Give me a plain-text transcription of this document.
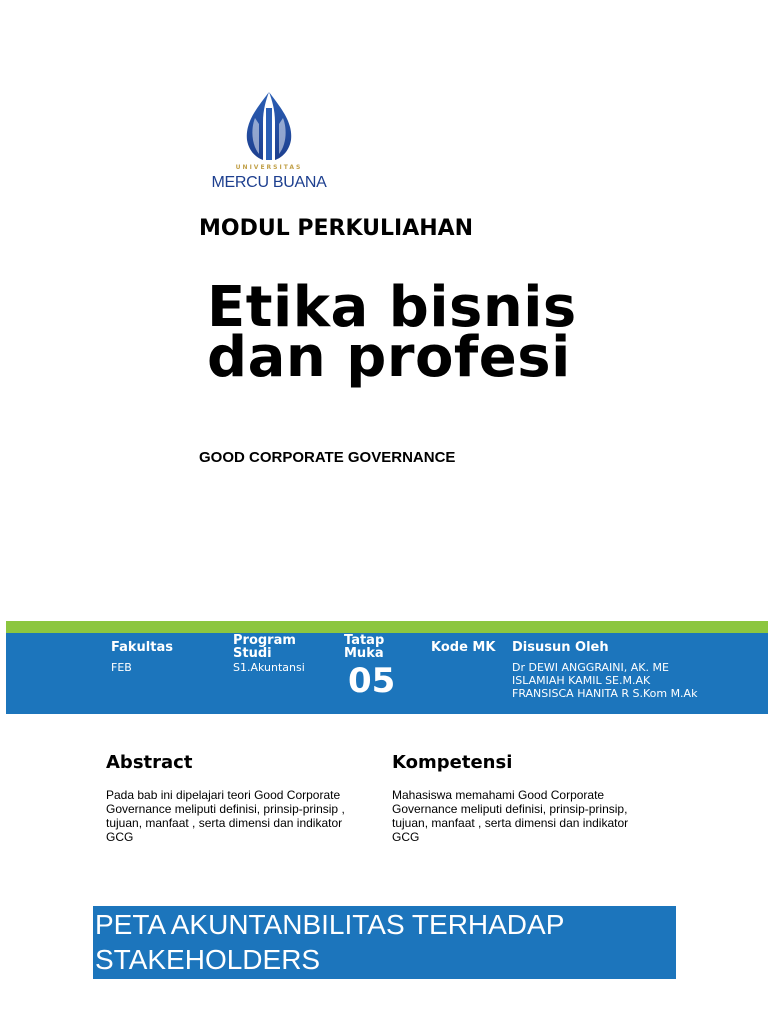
UNIVERSITAS
MERCU BUANA
MODUL PERKULIAHAN
Etika bisnis
dan profesi
GOOD CORPORATE GOVERNANCE
Fakultas
FEB
Program
Studi
S1.Akuntansi
Tatap
Muka
05
Kode MK Disusun Oleh
Dr DEWI ANGGRAINI, AK. ME
ISLAMIAH KAMIL SE.M.AK
FRANSISCA HANITA R S.Kom M.Ak
Abstract
Pada bab ini dipelajari teori Good Corporate
Governance meliputi definisi, prinsip-prinsip ,
tujuan, manfaat , serta dimensi dan indikator
GCG
Kompetensi
Mahasiswa memahami Good Corporate
Governance meliputi definisi, prinsip-prinsip,
tujuan, manfaat , serta dimensi dan indikator
GCG
PETA AKUNTANBILITAS TERHADAP
STAKEHOLDERS
